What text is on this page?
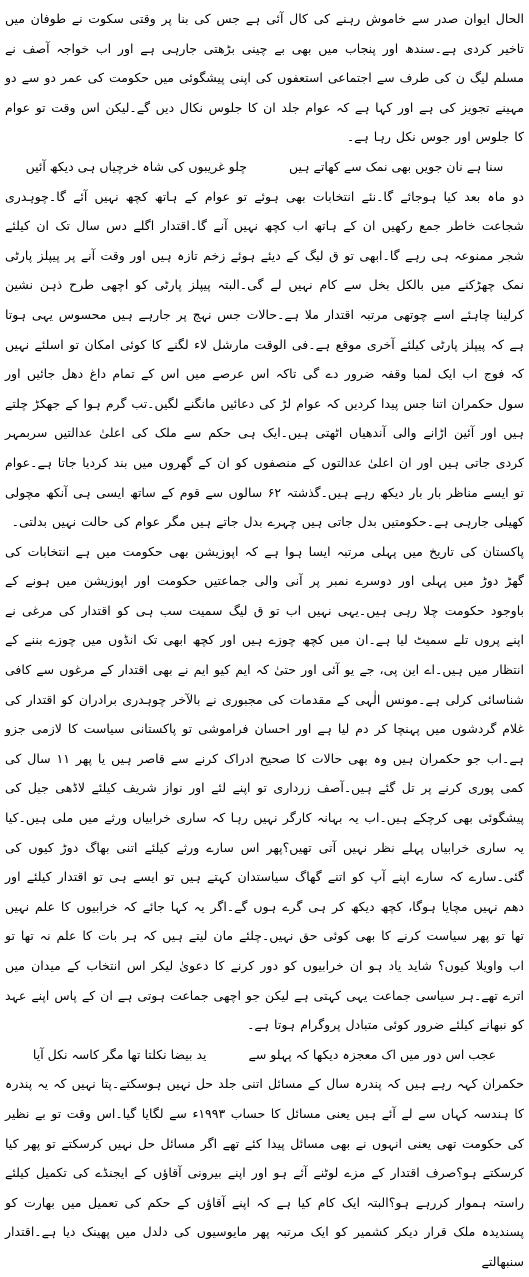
الحال ایوان صدر سے خاموش رہنے کی کال آئی ہے جس کی بنا پر وقتی سکوت نے طوفان میں تاخیر کردی ہے۔سندھ اور پنجاب میں بھی بے چینی بڑھتی جارہی ہے اور اب خواجہ آصف نے مسلم لیگ ن کی طرف سے اجتماعی استعفوں کی اپنی پیشگوئی میں حکومت کی عمر دو سے دو مہینے تجویز کی ہے اور کہا ہے کہ عوام جلد ان کا جلوس نکال دیں گے۔لیکن اس وقت تو عوام کا جلوس اور جوس نکل رہا ہے۔

سنا ہے نان جویں بھی نمک سے کھاتے ہیں
چلو غریبوں کی شاہ خرچیاں ہی دیکھ آئیں

دو ماہ بعد کیا ہوجائے گا۔نئے انتخابات بھی ہوئے تو عوام کے ہاتھ کچھ نہیں آئے گا۔چوہدری شجاعت خاطر جمع رکھیں ان کے ہاتھ اب کچھ نہیں آنے گا۔اقتدار اگلے دس سال تک ان کیلئے شجر ممنوعہ ہی رہے گا۔ابھی تو ق لیگ کے دیئے ہوئے زخم تازہ ہیں اور وقت آنے پر پیپلز پارٹی نمک چھڑکنے میں بالکل بخل سے کام نہیں لے گی۔البتہ پیپلز پارٹی کو اچھی طرح ذہن نشین کرلینا چاہئے اسے چوتھی مرتبہ اقتدار ملا ہے۔حالات جس نہج پر جارہے ہیں محسوس یہی ہوتا ہے کہ پیپلز پارٹی کیلئے آخری موقع ہے۔فی الوقت مارشل لاء لگنے کا کوئی امکان تو اسلئے نہیں کہ فوج اب ایک لمبا وقفہ ضرور دے گی تاکہ اس عرصے میں اس کے تمام داغ دھل جائیں اور سول حکمران اتنا جس پیدا کردیں کہ عوام لڑ کی دعائیں مانگنے لگیں۔تب گرم ہوا کے جھکڑ چلتے ہیں اور آئین اڑانے والی آندھیاں اٹھتی ہیں۔ایک ہی حکم سے ملک کی اعلیٰ عدالتیں سربمہر کردی جاتی ہیں اور ان اعلیٰ عدالتوں کے منصفوں کو ان کے گھروں میں بند کردیا جاتا ہے۔عوام تو ایسے مناظر بار بار دیکھ رہے ہیں۔گذشتہ ۶۲ سالوں سے قوم کے ساتھ ایسی ہی آنکھ مچولی کھیلی جارہی ہے۔حکومتیں بدل جاتی ہیں چہرے بدل جاتے ہیں مگر عوام کی حالت نہیں بدلتی۔

پاکستان کی تاریخ میں پہلی مرتبہ ایسا ہوا ہے کہ اپوزیشن بھی حکومت میں ہے انتخابات کی گھڑ دوڑ میں پہلی اور دوسرے نمبر پر آنی والی جماعتیں حکومت اور اپوزیشن میں ہونے کے باوجود حکومت چلا رہی ہیں۔یہی نہیں اب تو ق لیگ سمیت سب ہی کو اقتدار کی مرغی نے اپنے پروں تلے سمیٹ لیا ہے۔ان میں کچھ چوزے ہیں اور کچھ ابھی تک انڈوں میں چوزے بننے کے انتظار میں ہیں۔اے این پی، جے یو آئی اور حتیٰ کہ ایم کیو ایم نے بھی اقتدار کے مرغوں سے کافی شناسائی کرلی ہے۔مونس الٰہی کے مقدمات کی مجبوری نے بالآخر چوہدری برادران کو اقتدار کی غلام گردشوں میں پہنچا کر دم لیا ہے اور احسان فراموشی تو پاکستانی سیاست کا لازمی جزو ہے۔اب جو حکمران ہیں وہ بھی حالات کا صحیح ادراک کرنے سے قاصر ہیں یا پھر ۱۱ سال کی کمی پوری کرنے پر تل گئے ہیں۔آصف زرداری تو اپنے لئے اور نواز شریف کیلئے لاڈھی جیل کی پیشگوئی بھی کرچکے ہیں۔اب یہ بہانہ کارگر نہیں رہا کہ ساری خرابیاں ورثے میں ملی ہیں۔کیا یہ ساری خرابیاں پہلے نظر نہیں آتی تھیں؟پھر اس سارے ورثے کیلئے اتنی بھاگ دوڑ کیوں کی گئی۔سارے کہ سارے اپنے آپ کو اتنے گھاگ سیاستدان کہتے ہیں تو ایسے ہی تو اقتدار کیلئے اور دھم نہیں مچایا ہوگا، کچھ دیکھ کر ہی گرے ہوں گے۔اگر یہ کہا جائے کہ خرابیوں کا علم نہیں تھا تو پھر سیاست کرنے کا بھی کوئی حق نہیں۔چلئے مان لیتے ہیں کہ ہر بات کا علم نہ تھا تو اب واویلا کیوں؟ شاید یاد ہو ان خرابیوں کو دور کرنے کا دعویٰ لیکر اس انتخاب کے میدان میں اترے تھے۔ہر سیاسی جماعت یہی کہتی ہے لیکن جو اچھی جماعت ہوتی ہے ان کے پاس اپنے عہد کو نبھانے کیلئے ضرور کوئی متبادل پروگرام ہوتا ہے۔

عجب اس دور میں اک معجزہ دیکھا کہ پہلو سے
ید بیضا نکلتا تھا مگر کاسہ نکل آیا

حکمران کہہ رہے ہیں کہ پندرہ سال کے مسائل اتنی جلد حل نہیں ہوسکتے۔پتا نہیں کہ یہ پندرہ کا ہندسہ کہاں سے لے آئے ہیں یعنی مسائل کا حساب ۱۹۹۳ء سے لگایا گیا۔اس وقت تو بے نظیر کی حکومت تھی یعنی انہوں نے بھی مسائل پیدا کئے تھے اگر مسائل حل نہیں کرسکتے تو پھر کیا کرسکتے ہو؟صرف اقتدار کے مزے لوٹنے آئے ہو اور اپنے بیرونی آقاؤں کے ایجنڈے کی تکمیل کیلئے راستہ ہموار کررہے ہو؟البتہ ایک کام کیا ہے کہ اپنے آقاؤں کے حکم کی تعمیل میں بھارت کو پسندیدہ ملک قرار دیکر کشمیر کو ایک مرتبہ پھر مایوسیوں کی دلدل میں پھینک دیا ہے۔اقتدار سنبھالتے
